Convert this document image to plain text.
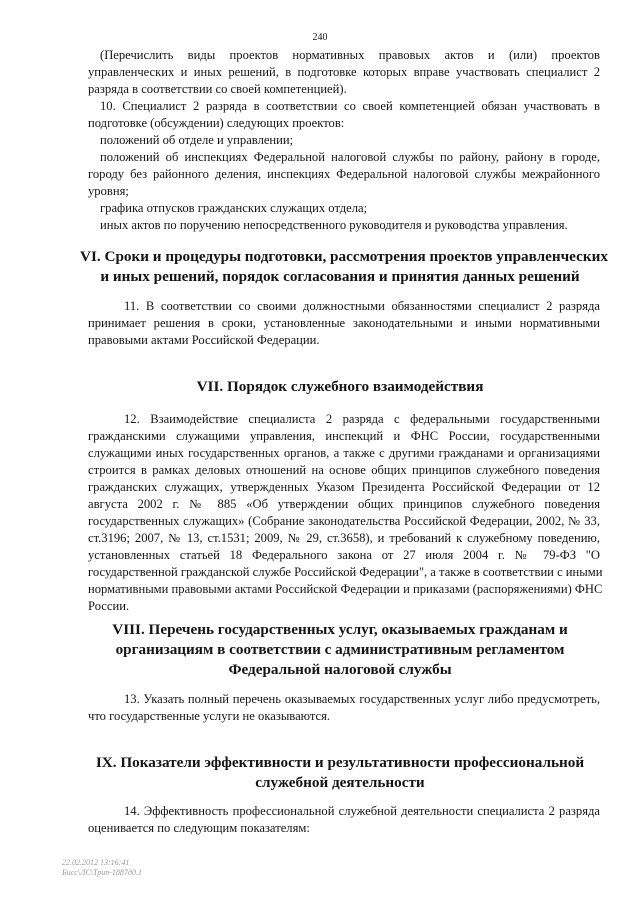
240
(Перечислить виды проектов нормативных правовых актов и (или) проектов
управленческих и иных решений, в подготовке которых вправе участвовать специалист 2
разряда в соответствии со своей компетенцией).
10. Специалист 2 разряда в соответствии со своей компетенцией обязан участвовать в
подготовке (обсуждении) следующих проектов:
положений об отделе и управлении;
положений об инспекциях Федеральной налоговой службы по району, району в городе,
городу без районного деления, инспекциях Федеральной налоговой службы межрайонного
уровня;
графика отпусков гражданских служащих отдела;
иных актов по поручению непосредственного руководителя и руководства управления.
VI. Сроки и процедуры подготовки, рассмотрения проектов управленческих
и иных решений, порядок согласования и принятия данных решений
11. В соответствии со своими должностными обязанностями специалист 2 разряда
принимает решения в сроки, установленные законодательными и иными нормативными
правовыми актами Российской Федерации.
VII. Порядок служебного взаимодействия
12. Взаимодействие специалиста 2 разряда с федеральными государственными
гражданскими служащими управления, инспекций и ФНС России, государственными
служащими иных государственных органов, а также с другими гражданами и организациями
строится в рамках деловых отношений на основе общих принципов служебного поведения
гражданских служащих, утвержденных Указом Президента Российской Федерации от 12
августа 2002 г. № 885 «Об утверждении общих принципов служебного поведения
государственных служащих» (Собрание законодательства Российской Федерации, 2002, № 33,
ст.3196; 2007, № 13, ст.1531; 2009, № 29, ст.3658), и требований к служебному поведению,
установленных статьей 18 Федерального закона от 27 июля 2004 г. № 79-ФЗ "О
государственной гражданской службе Российской Федерации", а также в соответствии с иными
нормативными правовыми актами Российской Федерации и приказами (распоряжениями) ФНС
России.
VIII. Перечень государственных услуг, оказываемых гражданам и
организациям в соответствии с административным регламентом
Федеральной налоговой службы
13. Указать полный перечень оказываемых государственных услуг либо предусмотреть,
что государственные услуги не оказываются.
IX. Показатели эффективности и результативности профессиональной
служебной деятельности
14. Эффективность профессиональной служебной деятельности специалиста 2 разряда
оценивается по следующим показателям:
22.02.2012 13:16:41
Бисс\ЛС\Трип-1887д0.1
